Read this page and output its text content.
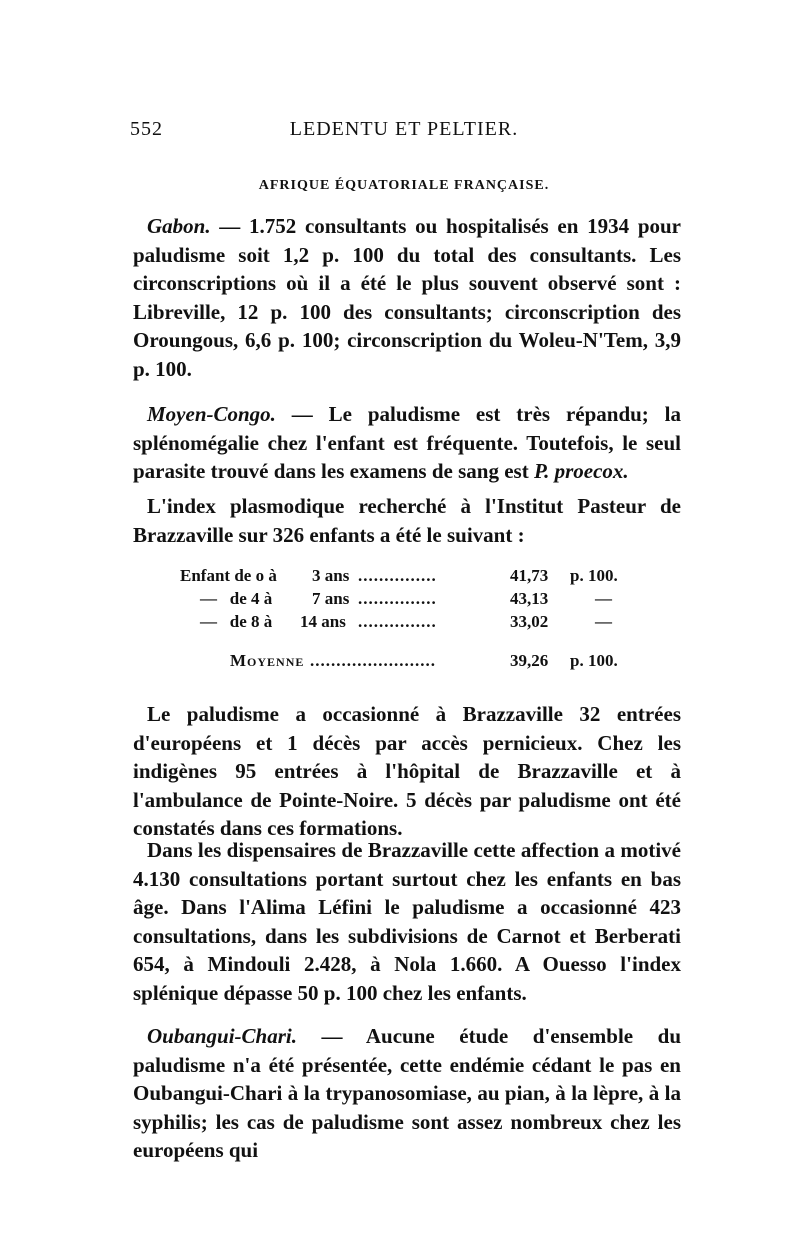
552	LEDENTU ET PELTIER.
AFRIQUE ÉQUATORIALE FRANÇAISE.

Gabon. — 1.752 consultants ou hospitalisés en 1934 pour paludisme soit 1,2 p. 100 du total des consultants. Les circonscriptions où il a été le plus souvent observé sont : Libreville, 12 p. 100 des consultants; circonscription des Oroungous, 6,6 p. 100; circonscription du Woleu-N'Tem, 3,9 p. 100.

Moyen-Congo. — Le paludisme est très répandu; la splénomégalie chez l'enfant est fréquente. Toutefois, le seul parasite trouvé dans les examens de sang est P. proecox.

L'index plasmodique recherché à l'Institut Pasteur de Brazzaville sur 326 enfants a été le suivant :

Enfant de o à 3 ans ...............	41,73 p. 100.
—   de 4 à 7 ans ...............	43,13	—
—   de 8 à 14 ans ...............	33,02	—
Moyenne ........................	39,26 p. 100.

Le paludisme a occasionné à Brazzaville 32 entrées d'européens et 1 décès par accès pernicieux. Chez les indigènes 95 entrées à l'hôpital de Brazzaville et à l'ambulance de Pointe-Noire. 5 décès par paludisme ont été constatés dans ces formations.

Dans les dispensaires de Brazzaville cette affection a motivé 4.130 consultations portant surtout chez les enfants en bas âge. Dans l'Alima Léfini le paludisme a occasionné 423 consultations, dans les subdivisions de Carnot et Berberati 654, à Mindouli 2.428, à Nola 1.660. A Ouesso l'index splénique dépasse 50 p. 100 chez les enfants.

Oubangui-Chari. — Aucune étude d'ensemble du paludisme n'a été présentée, cette endémie cédant le pas en Oubangui-Chari à la trypanosomiase, au pian, à la lèpre, à la syphilis; les cas de paludisme sont assez nombreux chez les européens qui
